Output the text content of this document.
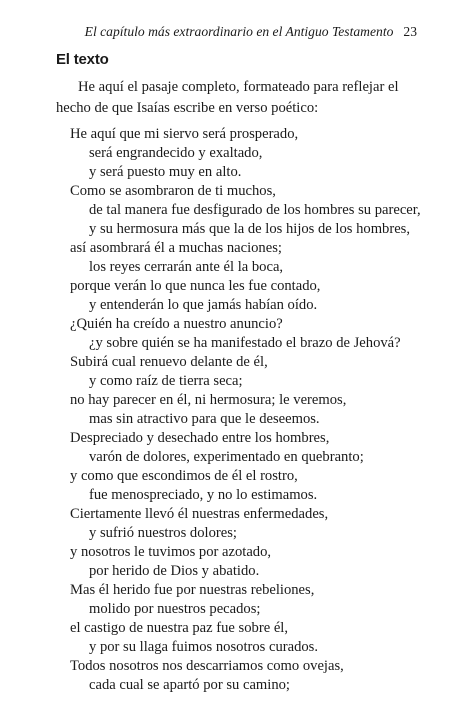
El capítulo más extraordinario en el Antiguo Testamento 23
El texto
He aquí el pasaje completo, formateado para reflejar el hecho de que Isaías escribe en verso poético:
He aquí que mi siervo será prosperado,
será engrandecido y exaltado,
y será puesto muy en alto.
Como se asombraron de ti muchos,
de tal manera fue desfigurado de los hombres su parecer,
y su hermosura más que la de los hijos de los hombres,
así asombrará él a muchas naciones;
los reyes cerrarán ante él la boca,
porque verán lo que nunca les fue contado,
y entenderán lo que jamás habían oído.
¿Quién ha creído a nuestro anuncio?
¿y sobre quién se ha manifestado el brazo de Jehová?
Subirá cual renuevo delante de él,
y como raíz de tierra seca;
no hay parecer en él, ni hermosura; le veremos,
mas sin atractivo para que le deseemos.
Despreciado y desechado entre los hombres,
varón de dolores, experimentado en quebranto;
y como que escondimos de él el rostro,
fue menospreciado, y no lo estimamos.
Ciertamente llevó él nuestras enfermedades,
y sufrió nuestros dolores;
y nosotros le tuvimos por azotado,
por herido de Dios y abatido.
Mas él herido fue por nuestras rebeliones,
molido por nuestros pecados;
el castigo de nuestra paz fue sobre él,
y por su llaga fuimos nosotros curados.
Todos nosotros nos descarriamos como ovejas,
cada cual se apartó por su camino;
